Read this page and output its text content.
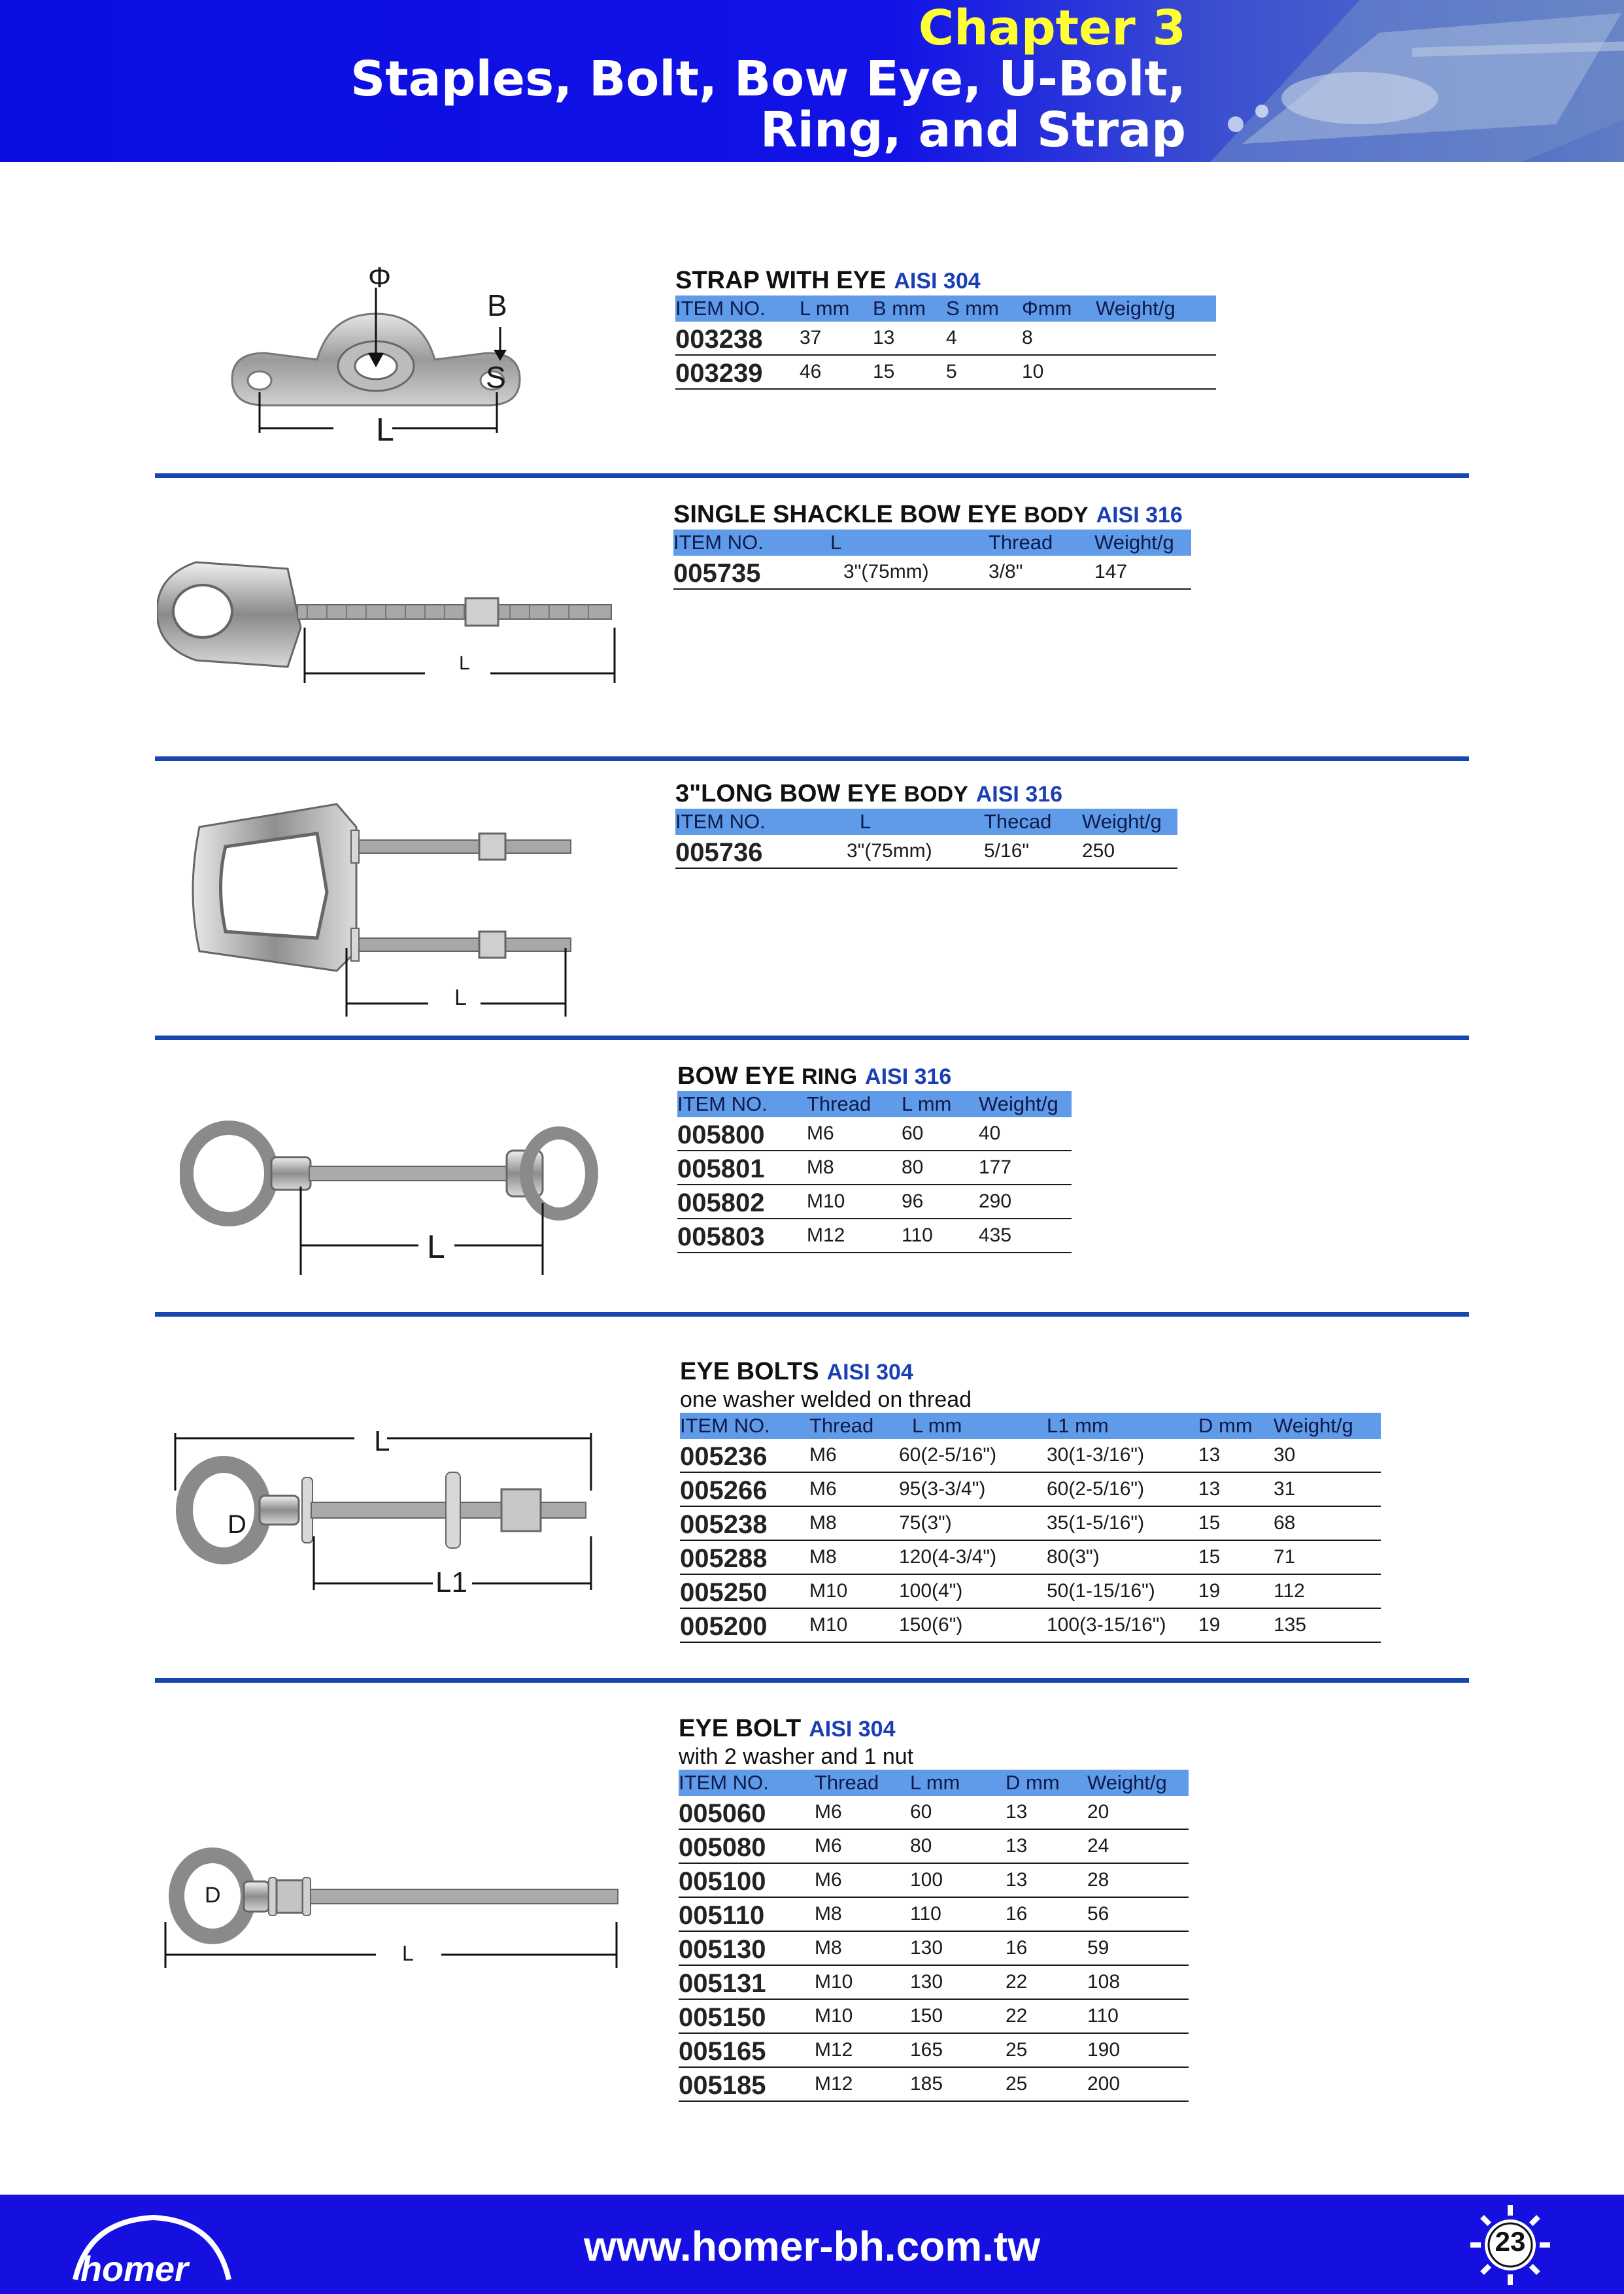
Chapter 3
Staples, Bolt, Bow Eye, U-Bolt,
Ring, and Strap
Φ
B
S
L
STRAP WITH EYE AISI 304
ITEM NO.	L mm	B mm	S mm	Φmm	Weight/g
003238	37	13	4	8	
003239	46	15	5	10	
L
SINGLE SHACKLE BOW EYE BODY AISI 316
ITEM NO.	L	Thread	Weight/g
005735	3"(75mm)	3/8"	147
L
3"LONG BOW EYE BODY AISI 316
ITEM NO.	L	Thecad	Weight/g
005736	3"(75mm)	5/16"	250
L
BOW EYE RING AISI 316
ITEM NO.	Thread	L mm	Weight/g
005800	M6	60	40
005801	M8	80	177
005802	M10	96	290
005803	M12	110	435
L
L1
D
EYE BOLTS AISI 304
one washer welded on thread
ITEM NO.	Thread	L mm	L1 mm	D mm	Weight/g
005236	M6	60(2-5/16")	30(1-3/16")	13	30
005266	M6	95(3-3/4")	60(2-5/16")	13	31
005238	M8	75(3")	35(1-5/16")	15	68
005288	M8	120(4-3/4")	80(3")	15	71
005250	M10	100(4")	50(1-15/16")	19	112
005200	M10	150(6")	100(3-15/16")	19	135
D
L
EYE BOLT AISI 304
with 2 washer and 1 nut
ITEM NO.	Thread	L mm	D mm	Weight/g
005060	M6	60	13	20
005080	M6	80	13	24
005100	M6	100	13	28
005110	M8	110	16	56
005130	M8	130	16	59
005131	M10	130	22	108
005150	M10	150	22	110
005165	M12	165	25	190
005185	M12	185	25	200
homer	www.homer-bh.com.tw	23
